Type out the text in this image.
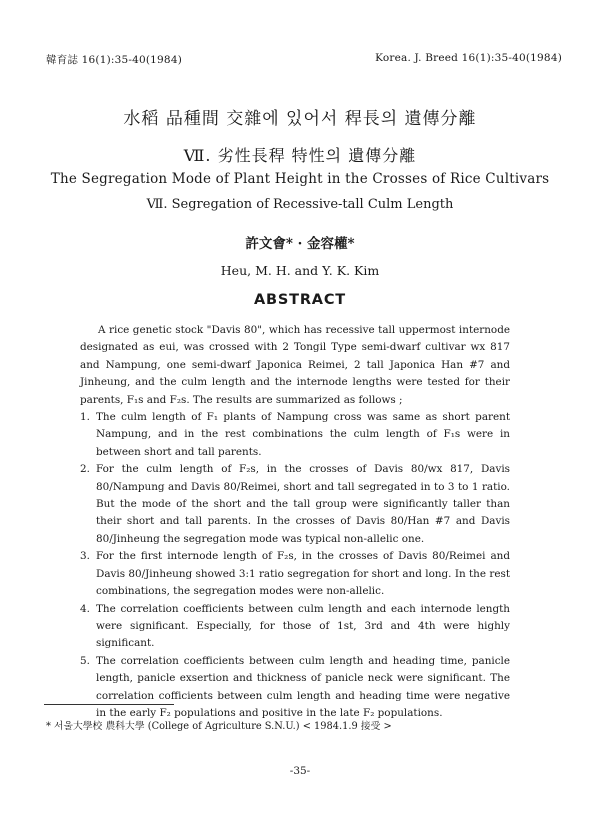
韓育誌 16(1):35-40(1984)	Korea. J. Breed 16(1):35-40(1984)
水稻 品種間 交雜에 있어서 稈長의 遺傳分離
Ⅶ. 劣性長稈 特性의 遺傳分離
The Segregation Mode of Plant Height in the Crosses of Rice Cultivars
Ⅶ. Segregation of Recessive-tall Culm Length
許文會* · 金容權*
Heu, M. H. and Y. K. Kim
ABSTRACT

A rice genetic stock "Davis 80", which has recessive tall uppermost internode designated as eui, was crossed with 2 Tongil Type semi-dwarf cultivar wx 817 and Nampung, one semi-dwarf Japonica Reimei, 2 tall Japonica Han #7 and Jinheung, and the culm length and the internode lengths were tested for their parents, F₁s and F₂s. The results are summarized as follows ;

1. The culm length of F₁ plants of Nampung cross was same as short parent Nampung, and in the rest combinations the culm length of F₁s were in between short and tall parents.
2. For the culm length of F₂s, in the crosses of Davis 80/wx 817, Davis 80/Nampung and Davis 80/Reimei, short and tall segregated in to 3 to 1 ratio. But the mode of the short and the tall group were significantly taller than their short and tall parents. In the crosses of Davis 80/Han #7 and Davis 80/Jinheung the segregation mode was typical non-allelic one.
3. For the first internode length of F₂s, in the crosses of Davis 80/Reimei and Davis 80/Jinheung showed 3:1 ratio segregation for short and long. In the rest combinations, the segregation modes were non-allelic.
4. The correlation coefficients between culm length and each internode length were significant. Especially, for those of 1st, 3rd and 4th were highly significant.
5. The correlation coefficients between culm length and heading time, panicle length, panicle exsertion and thickness of panicle neck were significant. The correlation cofficients between culm length and heading time were negative in the early F₂ populations and positive in the late F₂ populations.
* 서울大學校 農科大學 (College of Agriculture S.N.U.) < 1984.1.9 接受 >
-35-
